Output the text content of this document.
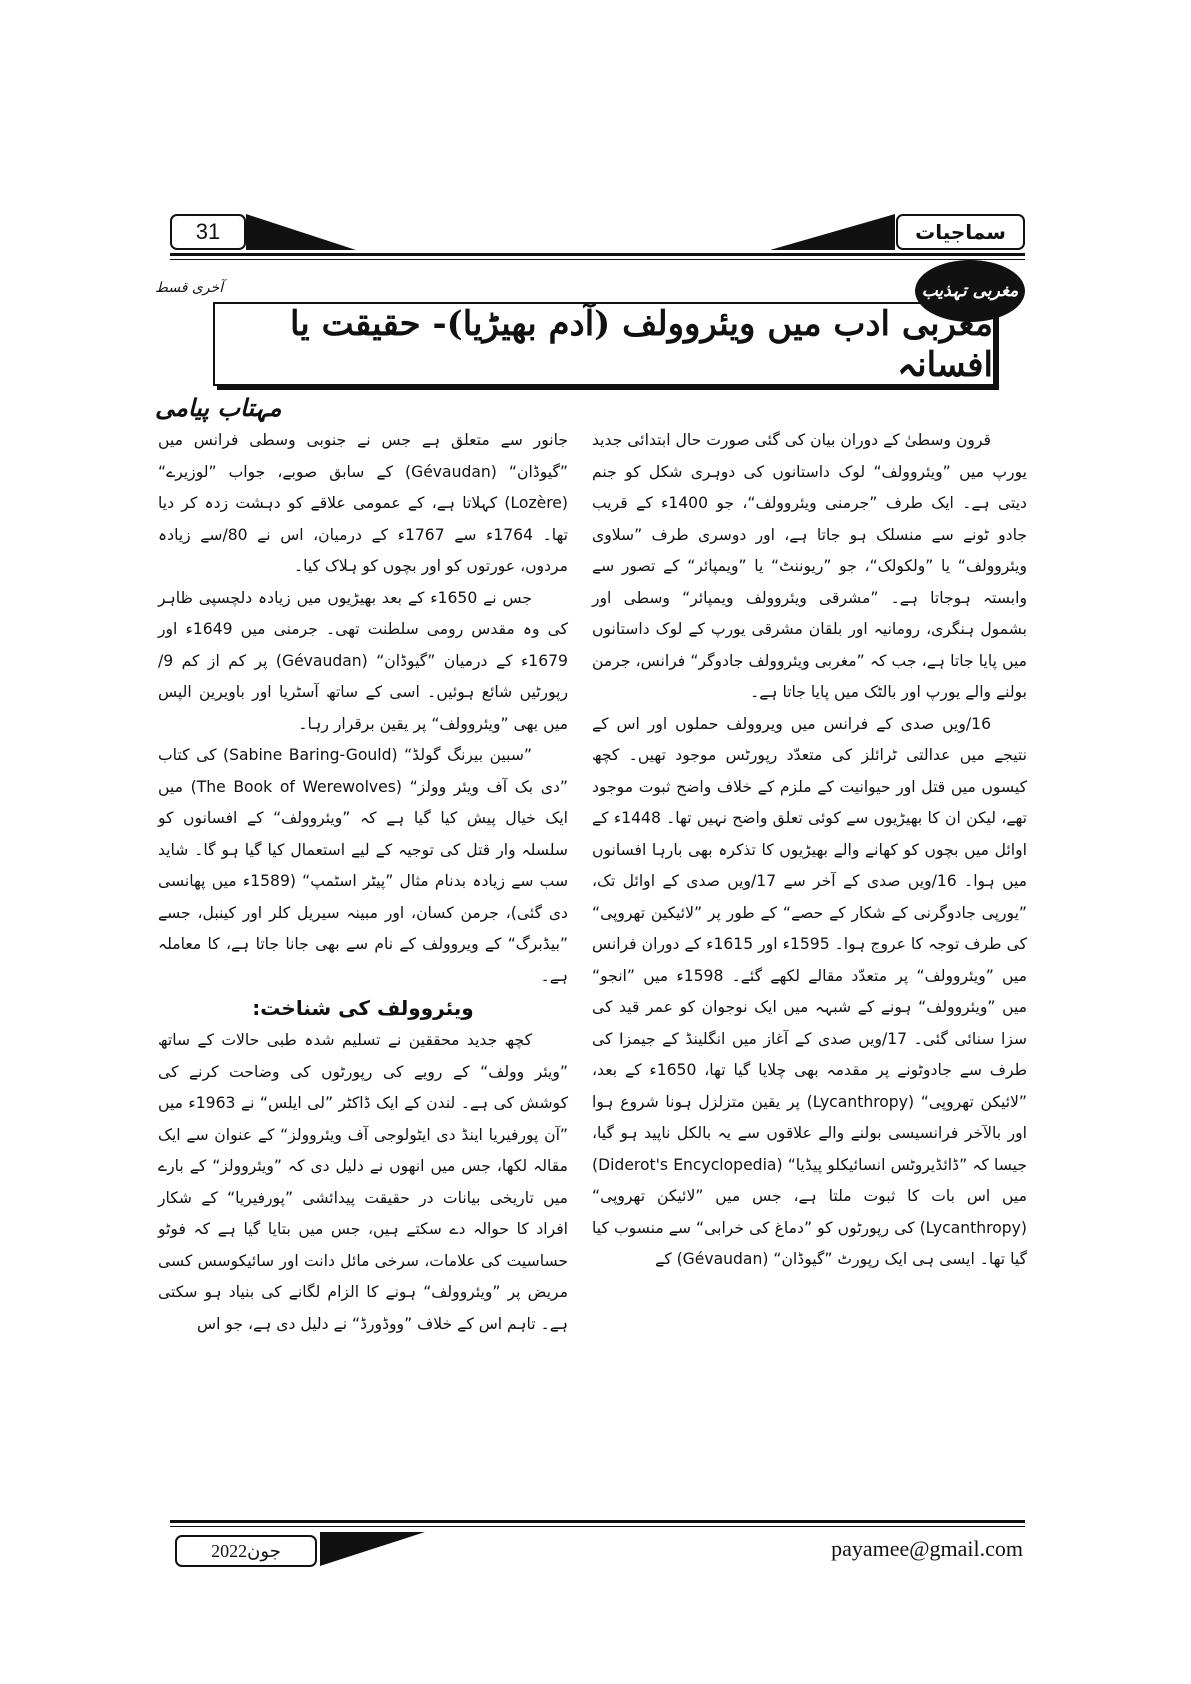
31	سماجیات
مغربی تہذیب
آخری قسط
مغربی ادب میں ویئروولف (آدم بھیڑیا)- حقیقت یا افسانہ
مہتاب پیامی

قرون وسطیٰ کے دوران بیان کی گئی صورت حال ابتدائی جدید یورپ میں ”ویئروولف“ لوک داستانوں کی دوہری شکل کو جنم دیتی ہے۔ ایک طرف ”جرمنی ویئروولف“، جو 1400ء کے قریب جادو ٹونے سے منسلک ہو جاتا ہے، اور دوسری طرف ”سلاوی ویئروولف“ یا ”ولکولک“، جو ”ریوننٹ“ یا ”ویمپائر“ کے تصور سے وابستہ ہوجاتا ہے۔ ”مشرقی ویئروولف ویمپائر“ وسطی اور بشمول ہنگری، رومانیہ اور بلقان مشرقی یورپ کے لوک داستانوں میں پایا جاتا ہے، جب کہ ”مغربی ویئروولف جادوگر“ فرانس، جرمن بولنے والے یورپ اور بالٹک میں پایا جاتا ہے۔

16/ویں صدی کے فرانس میں ویروولف حملوں اور اس کے نتیجے میں عدالتی ٹرائلز کی متعدّد رپورٹس موجود تھیں۔ کچھ کیسوں میں قتل اور حیوانیت کے ملزم کے خلاف واضح ثبوت موجود تھے، لیکن ان کا بھیڑیوں سے کوئی تعلق واضح نہیں تھا۔ 1448ء کے اوائل میں بچوں کو کھانے والے بھیڑیوں کا تذکرہ بھی بارہا افسانوں میں ہوا۔ 16/ویں صدی کے آخر سے 17/ویں صدی کے اوائل تک، ”یورپی جادوگرنی کے شکار کے حصے“ کے طور پر ”لائیکین تھروپی“ کی طرف توجہ کا عروج ہوا۔ 1595ء اور 1615ء کے دوران فرانس میں ”ویئروولف“ پر متعدّد مقالے لکھے گئے۔ 1598ء میں ”انجو“ میں ”ویئروولف“ ہونے کے شبہہ میں ایک نوجوان کو عمر قید کی سزا سنائی گئی۔ 17/ویں صدی کے آغاز میں انگلینڈ کے جیمزI کی طرف سے جادوٹونے پر مقدمہ بھی چلایا گیا تھا، 1650ء کے بعد، ”لائیکن تھروپی“ (Lycanthropy) پر یقین متزلزل ہونا شروع ہوا اور بالآخر فرانسیسی بولنے والے علاقوں سے یہ بالکل ناپید ہو گیا، جیسا کہ ”ڈائڈیروٹس انسائیکلو پیڈیا“ (Diderot's Encyclopedia) میں اس بات کا ثبوت ملتا ہے، جس میں ”لائیکن تھروپی“ (Lycanthropy) کی رپورٹوں کو ”دماغ کی خرابی“ سے منسوب کیا گیا تھا۔ ایسی ہی ایک رپورٹ ”گیوڈان“ (Gévaudan) کے

جانور سے متعلق ہے جس نے جنوبی وسطی فرانس میں ”گیوڈان“ (Gévaudan) کے سابق صوبے، جواب ”لوزیرے“ (Lozère) کہلاتا ہے، کے عمومی علاقے کو دہشت زدہ کر دیا تھا۔ 1764ء سے 1767ء کے درمیان، اس نے 80/سے زیادہ مردوں، عورتوں کو اور بچوں کو ہلاک کیا۔

جس نے 1650ء کے بعد بھیڑیوں میں زیادہ دلچسپی ظاہر کی وہ مقدس رومی سلطنت تھی۔ جرمنی میں 1649ء اور 1679ء کے درمیان ”گیوڈان“ (Gévaudan) پر کم از کم 9/ رپورٹیں شائع ہوئیں۔ اسی کے ساتھ آسٹریا اور باویرین الپس میں بھی ”ویئروولف“ پر یقین برقرار رہا۔

”سبین بیرنگ گولڈ“ (Sabine Baring-Gould) کی کتاب ”دی بک آف ویئر وولز“ (The Book of Werewolves) میں ایک خیال پیش کیا گیا ہے کہ ”ویئروولف“ کے افسانوں کو سلسلہ وار قتل کی توجیہ کے لیے استعمال کیا گیا ہو گا۔ شاید سب سے زیادہ بدنام مثال ”پیٹر اسٹمپ“ (1589ء میں پھانسی دی گئی)، جرمن کسان، اور مبینہ سیریل کلر اور کینبل، جسے ”بیڈبرگ“ کے ویروولف کے نام سے بھی جانا جاتا ہے، کا معاملہ ہے۔

ویئروولف کی شناخت:

کچھ جدید محققین نے تسلیم شدہ طبی حالات کے ساتھ ”ویئر وولف“ کے رویے کی رپورٹوں کی وضاحت کرنے کی کوشش کی ہے۔ لندن کے ایک ڈاکٹر ”لی ایلس“ نے 1963ء میں ”آن پورفیریا اینڈ دی ایٹولوجی آف ویئروولز“ کے عنوان سے ایک مقالہ لکھا، جس میں انھوں نے دلیل دی کہ ”ویئروولز“ کے بارے میں تاریخی بیانات در حقیقت پیدائشی ”پورفیریا“ کے شکار افراد کا حوالہ دے سکتے ہیں، جس میں بتایا گیا ہے کہ فوٹو حساسیت کی علامات، سرخی مائل دانت اور سائیکوسس کسی مریض پر ”ویئروولف“ ہونے کا الزام لگانے کی بنیاد ہو سکتی ہے۔ تاہم اس کے خلاف ”ووڈورڈ“ نے دلیل دی ہے، جو اس

جون2022	payamee@gmail.com
